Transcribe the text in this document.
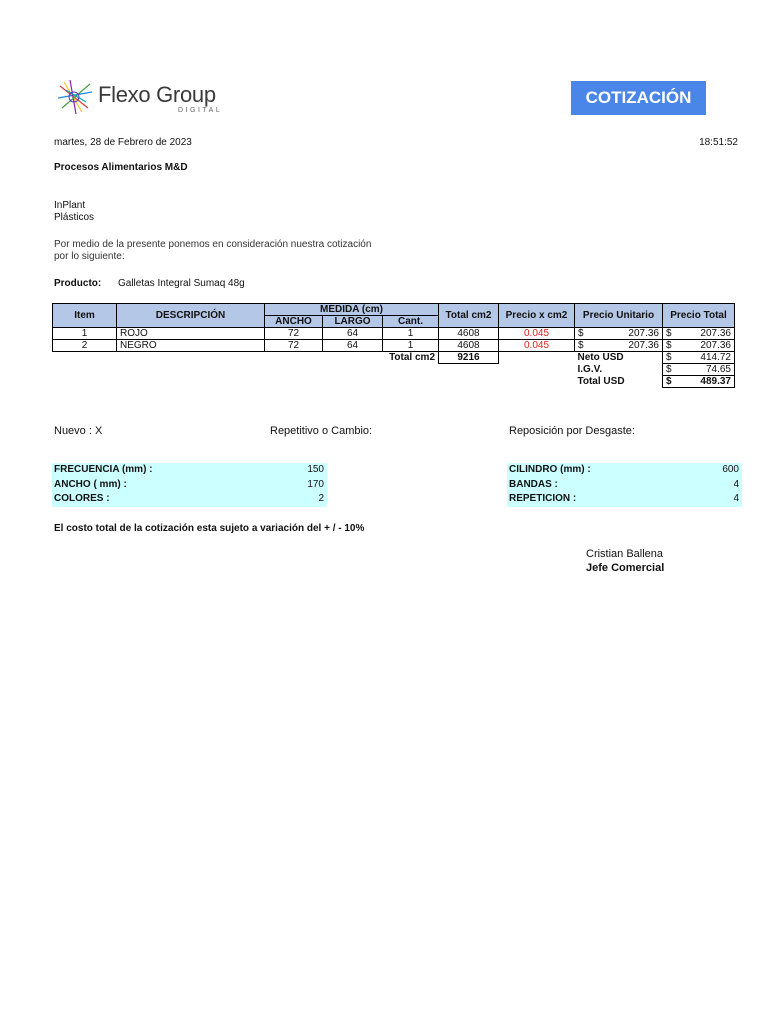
Flexo Group
DIGITAL
COTIZACIÓN
martes, 28 de Febrero de 2023	18:51:52
Procesos Alimentarios M&D
InPlant
Plásticos
Por medio de la presente ponemos en consideración nuestra cotización
por lo siguiente:
Producto: Galletas Integral Sumaq 48g
Item	DESCRIPCIÓN	MEDIDA (cm)			Total cm2	Precio x cm2	Precio Unitario	Precio Total
		ANCHO	LARGO	Cant.				
1	ROJO	72	64	1	4608	0.045	$ 207.36	$ 207.36

2	NEGRO	72	64	1	4608	0.045	$ 207.36	$ 207.36

Total cm2					9216		Neto USD	$ 414.72

							I.G.V.	$ 74.65

							Total USD	$ 489.37
Nuevo : X	Repetitivo o Cambio:	Reposición por Desgaste:
FRECUENCIA (mm) :	150
ANCHO ( mm) :	170
COLORES :	2
CILINDRO (mm) :	600
BANDAS :	4
REPETICION :	4
El costo total de la cotización esta sujeto a variación del + / - 10%
Cristian Ballena
Jefe Comercial
